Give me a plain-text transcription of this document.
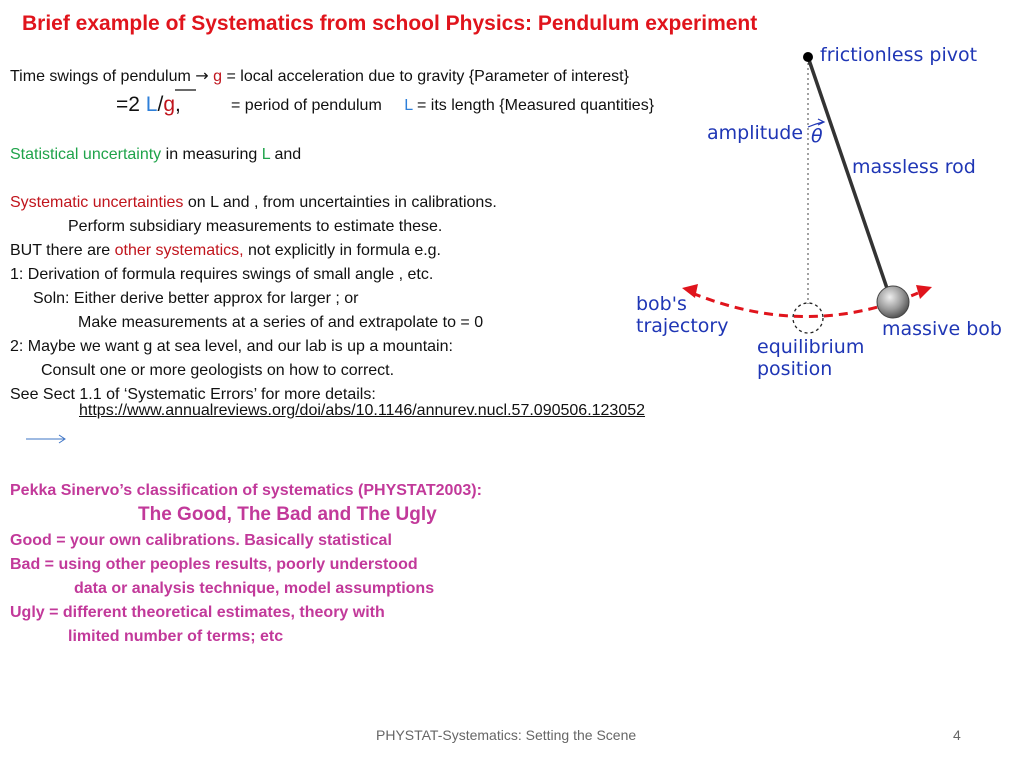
Brief example of Systematics from school Physics: Pendulum experiment
Time swings of pendulum → g = local acceleration due to gravity {Parameter of interest}
=2 L/g,	= period of pendulum L = its length {Measured quantities}
Statistical uncertainty in measuring L and
Systematic uncertainties on L and , from uncertainties in calibrations.
Perform subsidiary measurements to estimate these.
BUT there are other systematics, not explicitly in formula e.g.
1: Derivation of formula requires swings of small angle , etc.
Soln: Either derive better approx for larger ; or
Make measurements at a series of and extrapolate to = 0
2: Maybe we want g at sea level, and our lab is up a mountain:
Consult one or more geologists on how to correct.
See Sect 1.1 of ‘Systematic Errors’ for more details:
https://www.annualreviews.org/doi/abs/10.1146/annurev.nucl.57.090506.123052
Pekka Sinervo’s classification of systematics (PHYSTAT2003):
The Good, The Bad and The Ugly
Good = your own calibrations. Basically statistical
Bad = using other peoples results, poorly understood
data or analysis technique, model assumptions
Ugly = different theoretical estimates, theory with
limited number of terms; etc
PHYSTAT-Systematics: Setting the Scene	4
frictionless pivot
amplitude θ
massless rod
bob's
trajectory	massive bob
equilibrium
position
